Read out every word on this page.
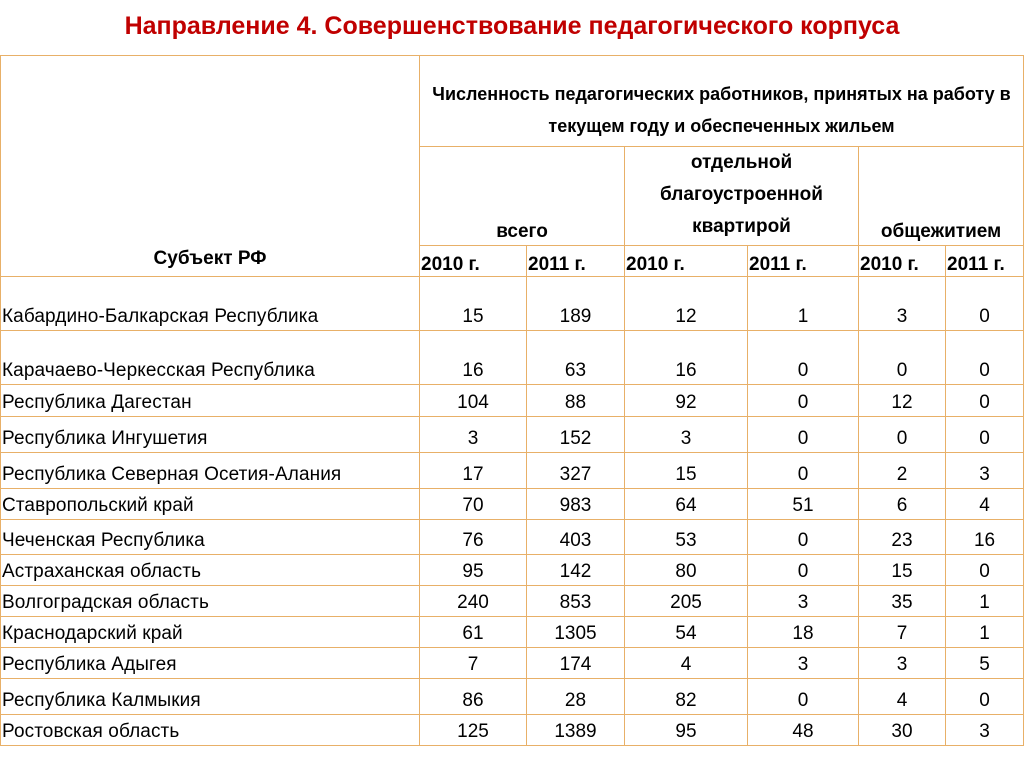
Направление 4. Совершенствование педагогического корпуса
Субъект РФ	Численность педагогических работников, принятых на работу в текущем году и обеспеченных жильем					
	всего		отдельной благоустроенной квартирой		общежитием	
	2010 г.	2011 г.	2010 г.	2011 г.	2010 г.	2011 г.
Кабардино-Балкарская Республика	15	189	12	1	3	0
Карачаево-Черкесская Республика	16	63	16	0	0	0
Республика Дагестан	104	88	92	0	12	0
Республика Ингушетия	3	152	3	0	0	0
Республика Северная Осетия-Алания	17	327	15	0	2	3
Ставропольский край	70	983	64	51	6	4
Чеченская Республика	76	403	53	0	23	16
Астраханская область	95	142	80	0	15	0
Волгоградская область	240	853	205	3	35	1
Краснодарский край	61	1305	54	18	7	1
Республика Адыгея	7	174	4	3	3	5
Республика Калмыкия	86	28	82	0	4	0
Ростовская область	125	1389	95	48	30	3
